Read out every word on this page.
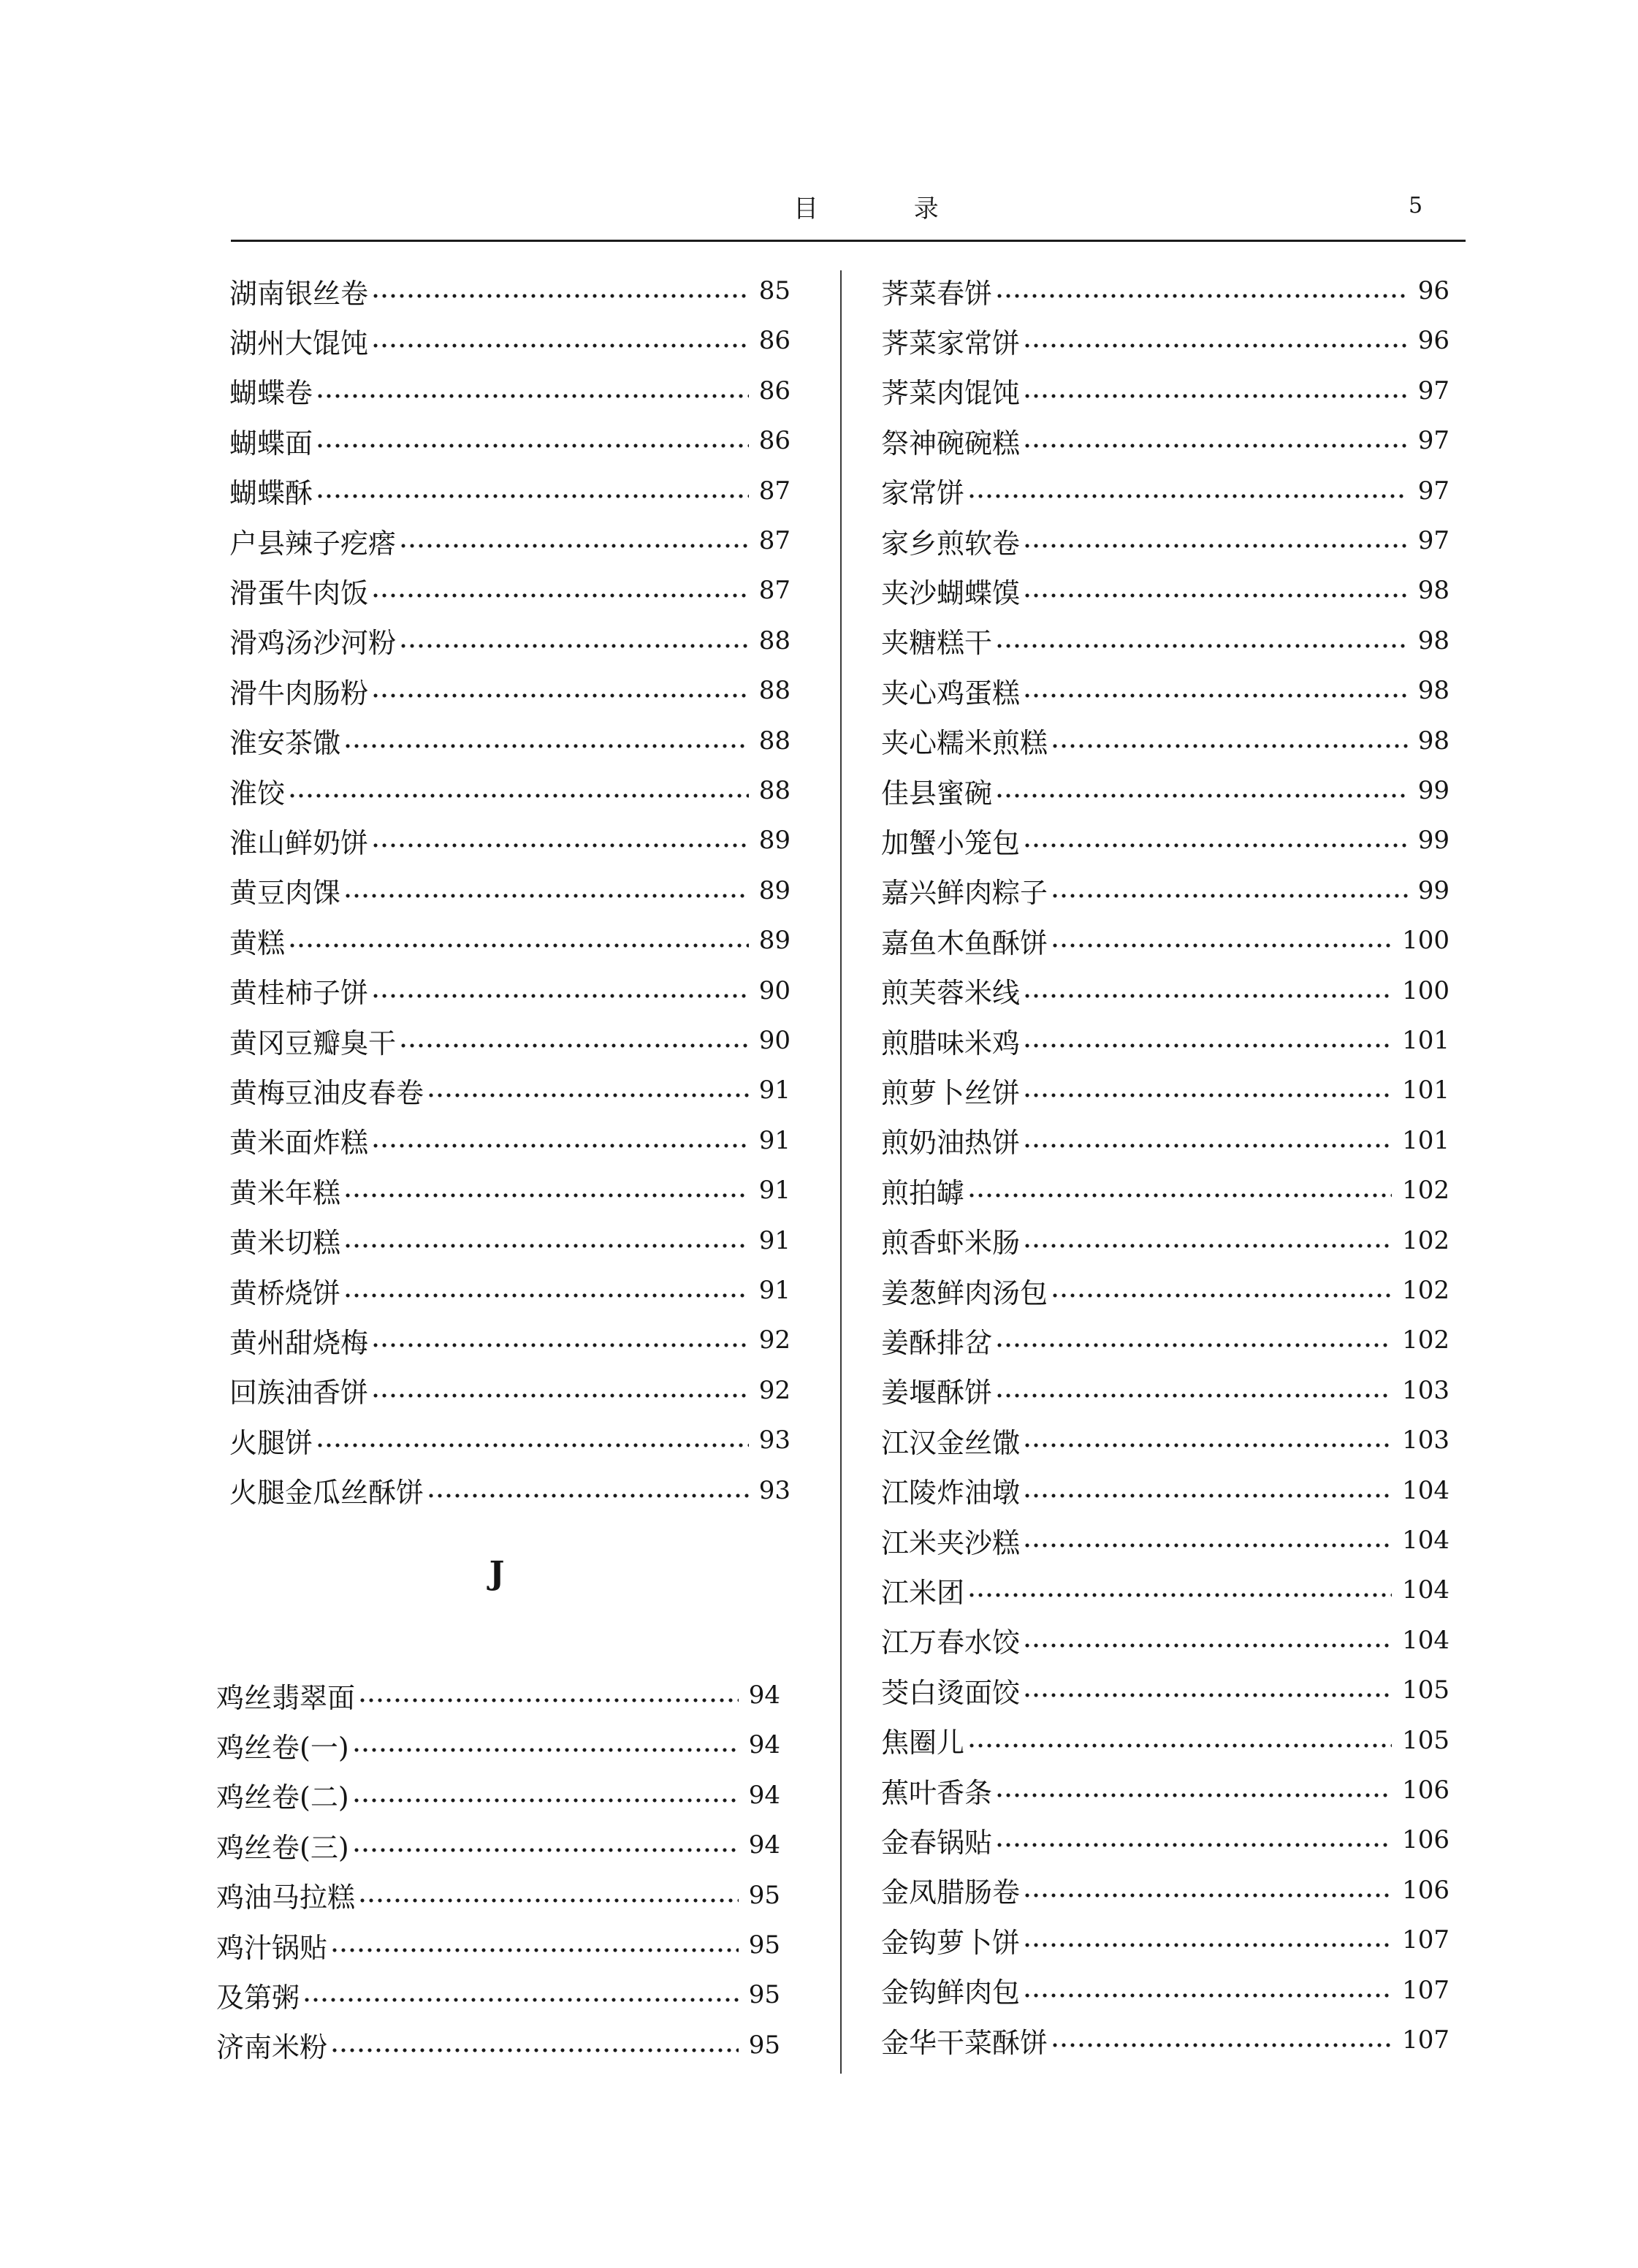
目 录	5
湖南银丝卷	85
湖州大馄饨	86
蝴蝶卷	86
蝴蝶面	86
蝴蝶酥	87
户县辣子疙瘩	87
滑蛋牛肉饭	87
滑鸡汤沙河粉	88
滑牛肉肠粉	88
淮安茶馓	88
淮饺	88
淮山鲜奶饼	89
黄豆肉馃	89
黄糕	89
黄桂柿子饼	90
黄冈豆瓣臭干	90
黄梅豆油皮春卷	91
黄米面炸糕	91
黄米年糕	91
黄米切糕	91
黄桥烧饼	91
黄州甜烧梅	92
回族油香饼	92
火腿饼	93
火腿金瓜丝酥饼	93
J
鸡丝翡翠面	94
鸡丝卷(一)	94
鸡丝卷(二)	94
鸡丝卷(三)	94
鸡油马拉糕	95
鸡汁锅贴	95
及第粥	95
济南米粉	95
荠菜春饼	96
荠菜家常饼	96
荠菜肉馄饨	97
祭神碗碗糕	97
家常饼	97
家乡煎软卷	97
夹沙蝴蝶馍	98
夹糖糕干	98
夹心鸡蛋糕	98
夹心糯米煎糕	98
佳县蜜碗	99
加蟹小笼包	99
嘉兴鲜肉粽子	99
嘉鱼木鱼酥饼	100
煎芙蓉米线	100
煎腊味米鸡	101
煎萝卜丝饼	101
煎奶油热饼	101
煎拍罅	102
煎香虾米肠	102
姜葱鲜肉汤包	102
姜酥排岔	102
姜堰酥饼	103
江汉金丝馓	103
江陵炸油墩	104
江米夹沙糕	104
江米团	104
江万春水饺	104
茭白烫面饺	105
焦圈儿	105
蕉叶香条	106
金春锅贴	106
金凤腊肠卷	106
金钩萝卜饼	107
金钩鲜肉包	107
金华干菜酥饼	107
